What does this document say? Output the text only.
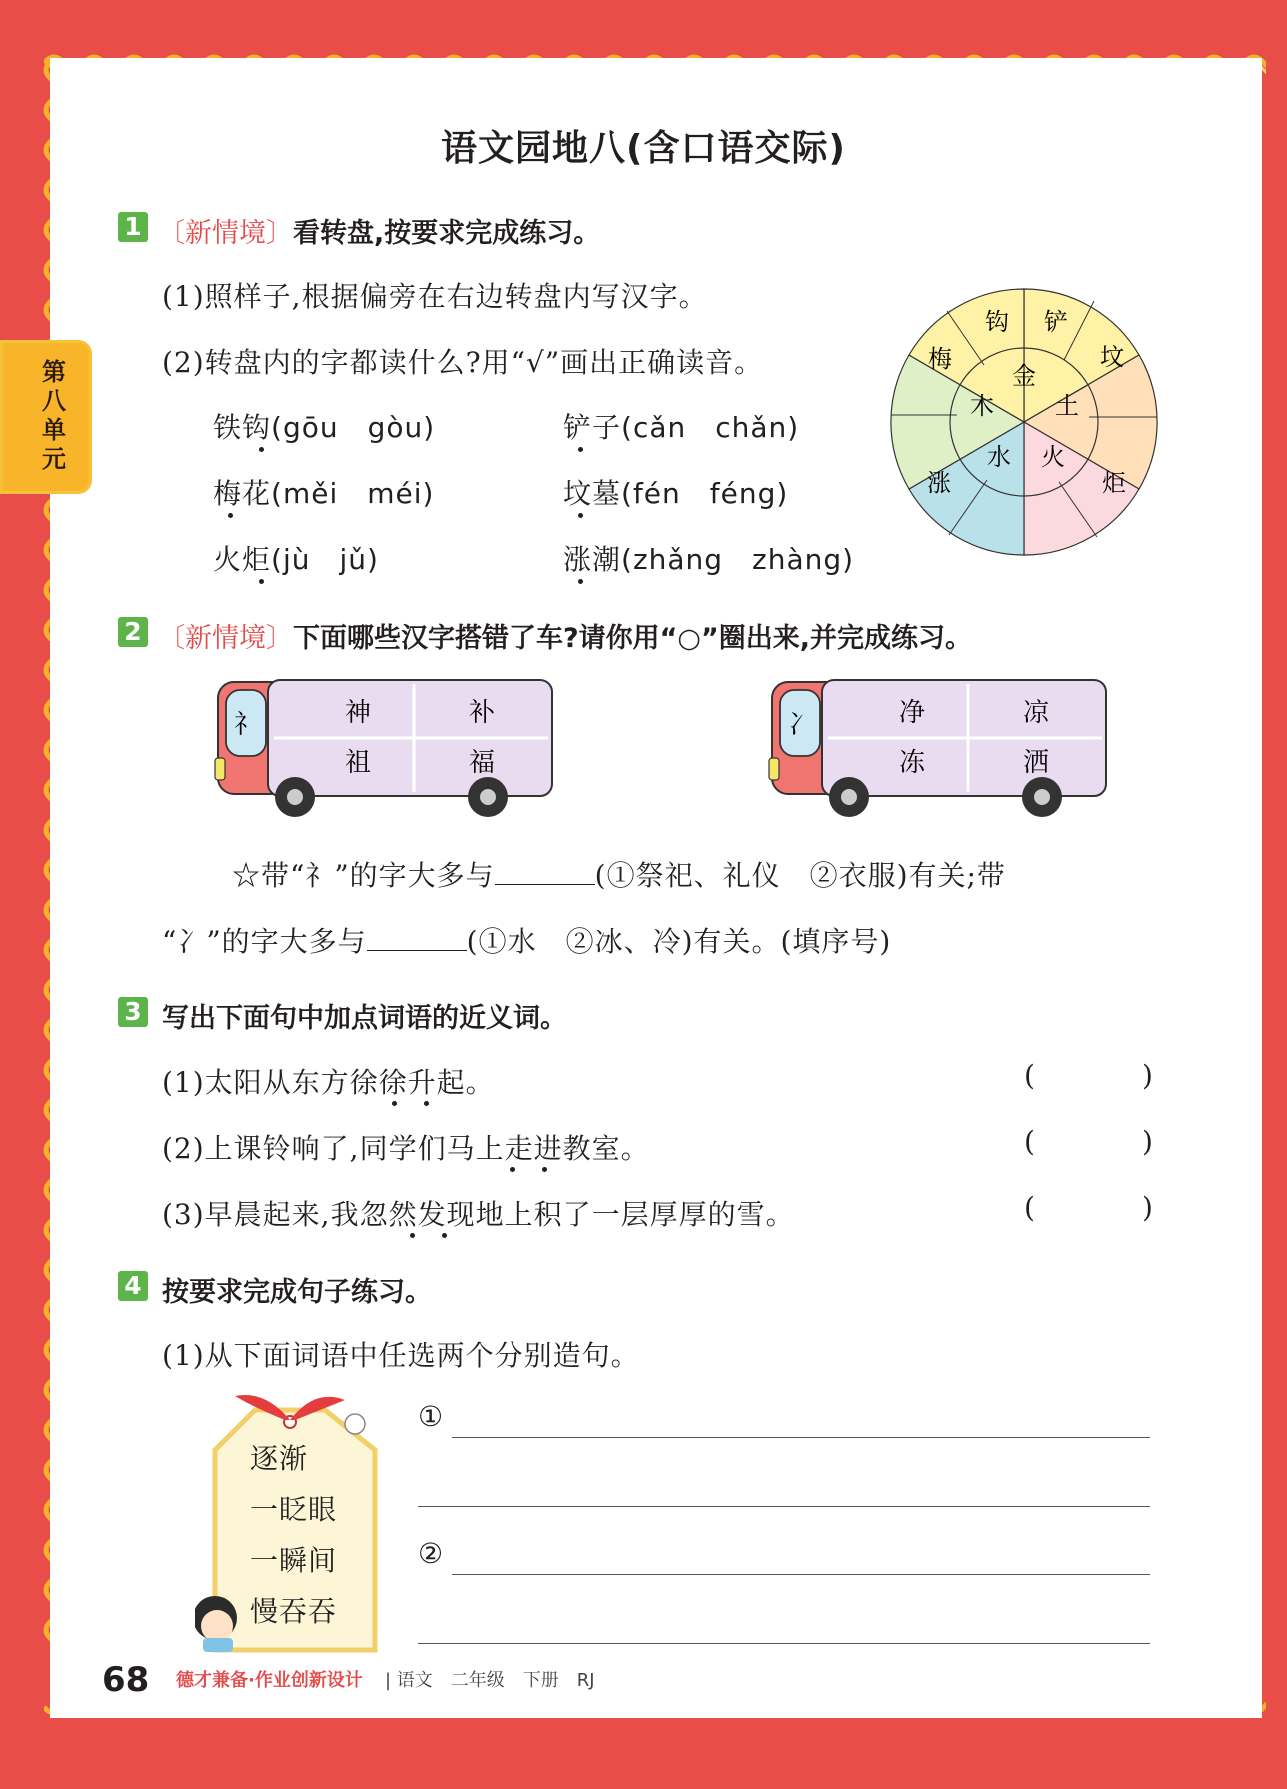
第八单元
语文园地八(含口语交际)
1 〔新情境〕看转盘,按要求完成练习。
(1)照样子,根据偏旁在右边转盘内写汉字。
(2)转盘内的字都读什么?用“√”画出正确读音。
铁钩(gōu　gòu)	铲子(cǎn　chǎn)
梅花(měi　méi)	坟墓(fén　féng)
火炬(jù　jǔ)	涨潮(zhǎng　zhàng)
金
木
水 火
土
钩 铲
坟
炬
涨
梅
2 〔新情境〕下面哪些汉字搭错了车?请你用“○”圈出来,并完成练习。
礻	神	补
祖	福
冫	净	凉
冻	洒
☆带“礻”的字大多与	(①祭祀、礼仪　②衣服)有关;带
“冫”的字大多与	(①水　②冰、冷)有关。(填序号)
3 写出下面句中加点词语的近义词。
(1)太阳从东方徐徐升起。
(2)上课铃响了,同学们马上走进教室。
(3)早晨起来,我忽然发现地上积了一层厚厚的雪。
(	)
(	)
(	)
4 按要求完成句子练习。
(1)从下面词语中任选两个分别造句。
逐渐
一眨眼
一瞬间
慢吞吞
①
②
68 德才兼备·作业创新设计 | 语文　二年级　下册　RJ
